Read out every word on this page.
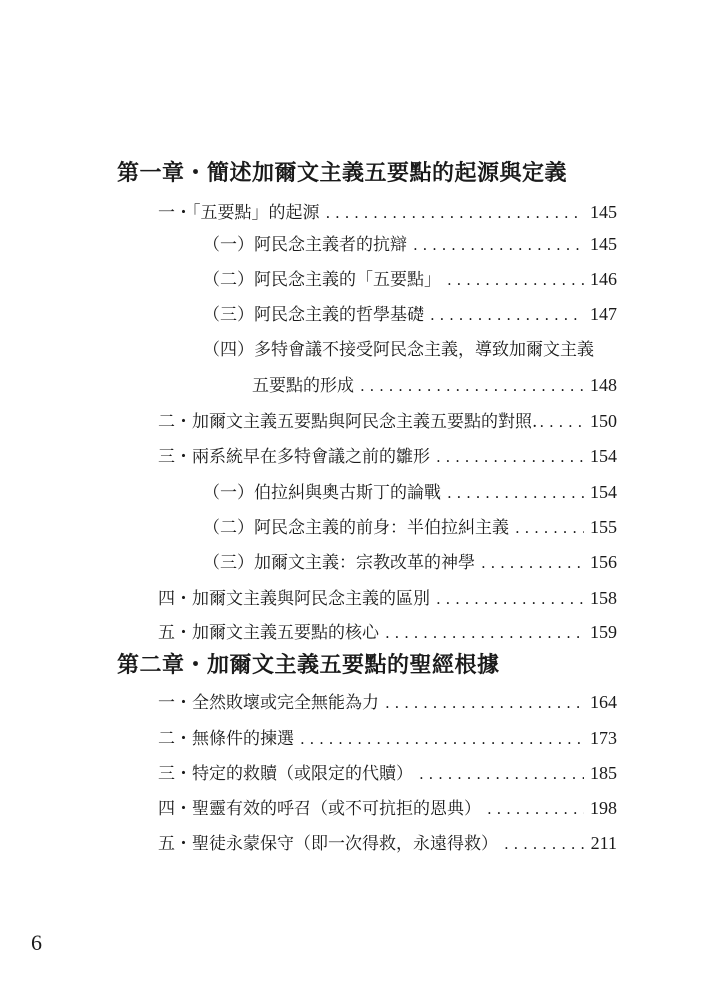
第一章・簡述加爾文主義五要點的起源與定義
一・「五要點」的起源 . . .	145
（一）阿民念主義者的抗辯 . . .	145
（二）阿民念主義的「五要點」 . . .	146
（三）阿民念主義的哲學基礎 . . .	147
（四）多特會議不接受阿民念主義，導致加爾文主義
五要點的形成 . . .	148
二・加爾文主義五要點與阿民念主義五要點的對照. . . .	150
三・兩系統早在多特會議之前的雛形 . . .	154
（一）伯拉糾與奧古斯丁的論戰 . . .	154
（二）阿民念主義的前身：半伯拉糾主義 . . .	155
（三）加爾文主義：宗教改革的神學 . . .	156
四・加爾文主義與阿民念主義的區別 . . .	158
五・加爾文主義五要點的核心 . . .	159
第二章・加爾文主義五要點的聖經根據
一・全然敗壞或完全無能為力 . . .	164
二・無條件的揀選 . . .	173
三・特定的救贖（或限定的代贖） . . .	185
四・聖靈有效的呼召（或不可抗拒的恩典） . . .	198
五・聖徒永蒙保守（即一次得救，永遠得救） . . .	211
6
